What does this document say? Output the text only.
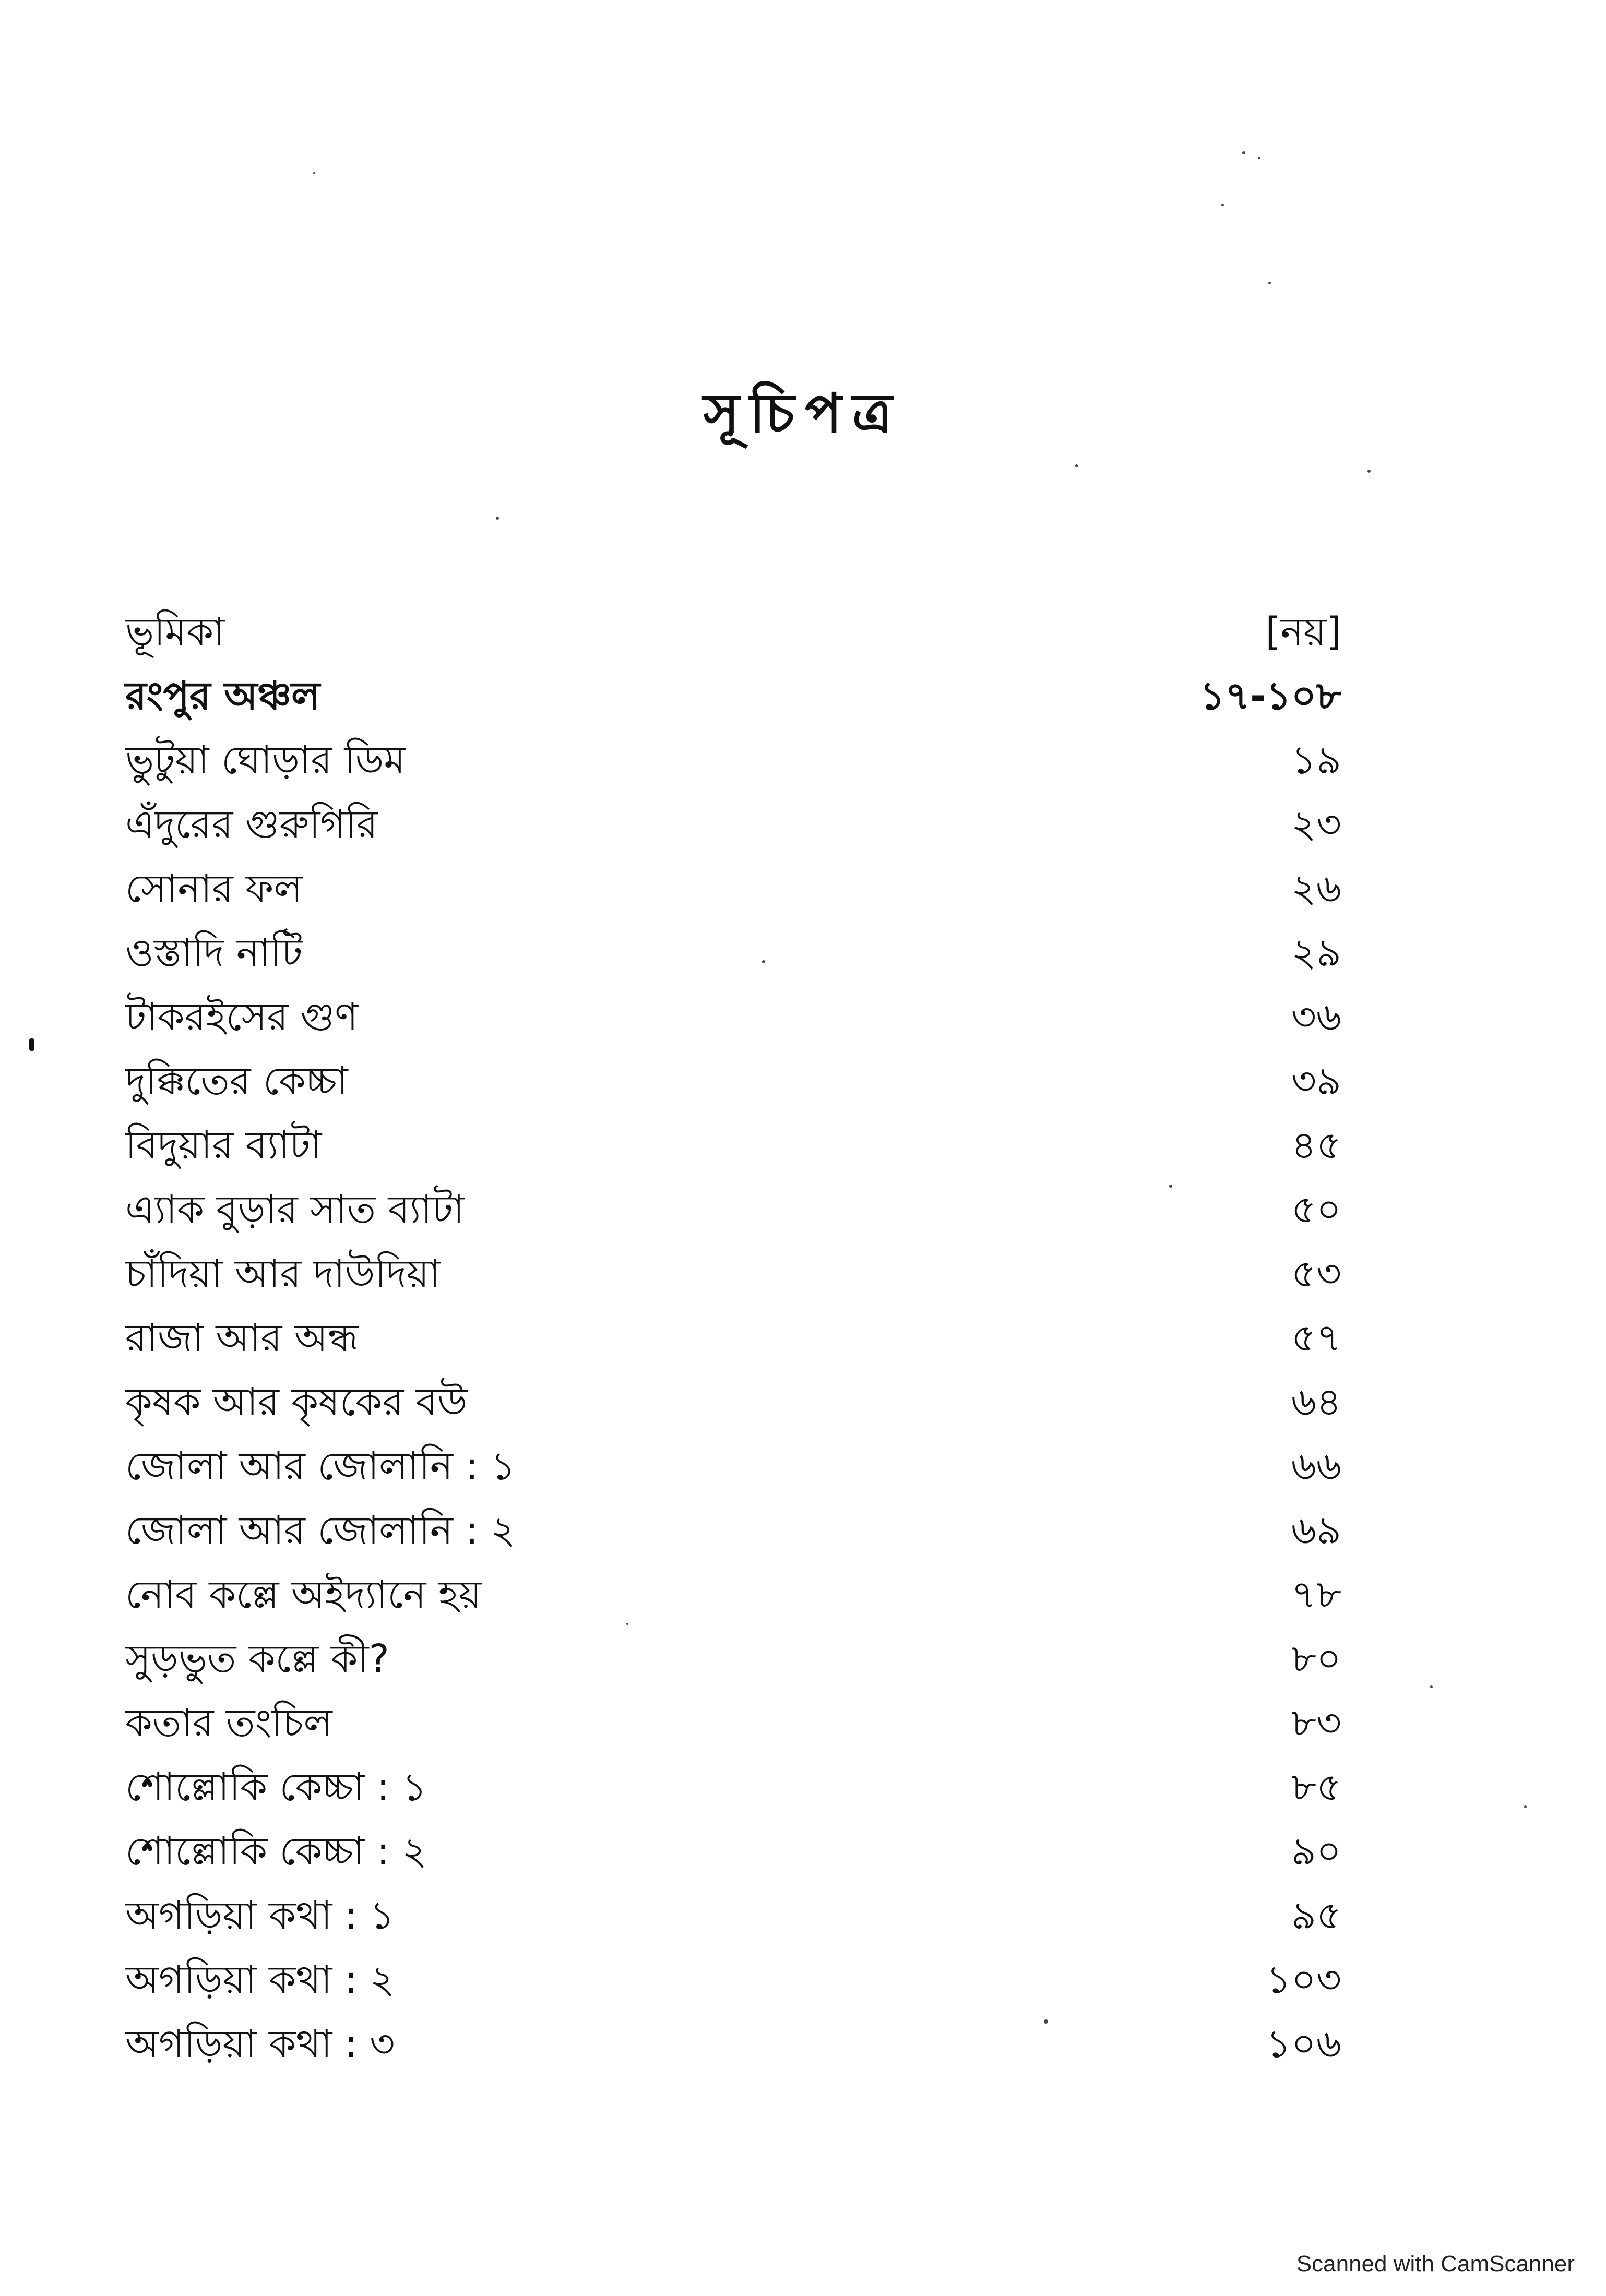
সূচিপত্র
ভূমিকা	[নয়]
রংপুর অঞ্চল	১৭-১০৮
ভুটুয়া ঘোড়ার ডিম	১৯
এঁদুরের গুরুগিরি	২৩
সোনার ফল	২৬
ওস্তাদি নাটি	২৯
টাকরইসের গুণ	৩৬
দুক্কিতের কেচ্চা	৩৯
বিদুয়ার ব্যাটা	৪৫
এ্যাক বুড়ার সাত ব্যাটা	৫০
চাঁদিয়া আর দাউদিয়া	৫৩
রাজা আর অন্ধ	৫৭
কৃষক আর কৃষকের বউ	৬৪
জোলা আর জোলানি : ১	৬৬
জোলা আর জোলানি : ২	৬৯
নোব কল্লে অইদ্যানে হয়	৭৮
সুড়ভুত কল্লে কী?	৮০
কতার তংচিল	৮৩
শোল্লোকি কেচ্চা : ১	৮৫
শোল্লোকি কেচ্চা : ২	৯০
অগড়িয়া কথা : ১	৯৫
অগড়িয়া কথা : ২	১০৩
অগড়িয়া কথা : ৩	১০৬
Scanned with CamScanner
